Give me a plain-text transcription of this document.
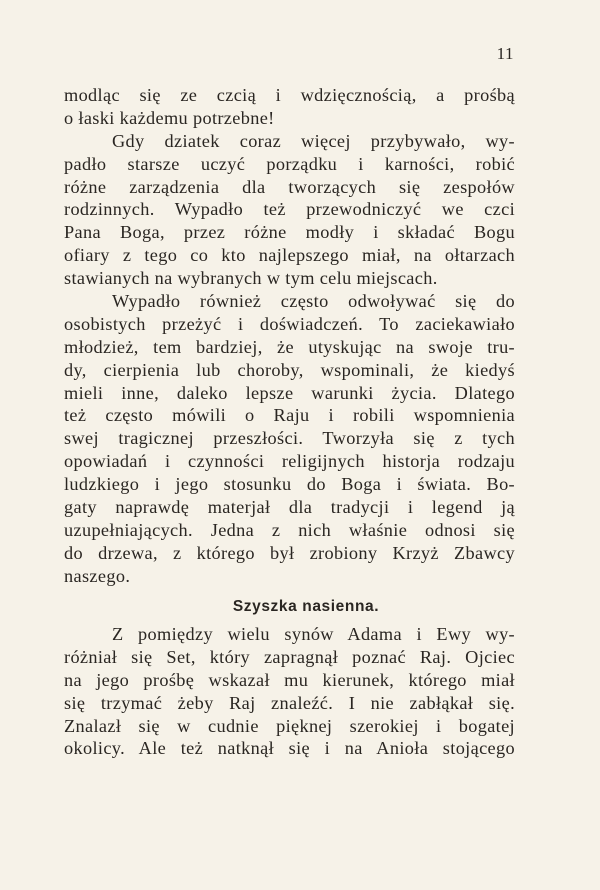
11
modląc się ze czcią i wdzięcznością, a prośbą
o łaski każdemu potrzebne!
Gdy dziatek coraz więcej przybywało, wy-
padło starsze uczyć porządku i karności, robić
różne zarządzenia dla tworzących się zespołów
rodzinnych. Wypadło też przewodniczyć we czci
Pana Boga, przez różne modły i składać Bogu
ofiary z tego co kto najlepszego miał, na ołtarzach
stawianych na wybranych w tym celu miejscach.
Wypadło również często odwoływać się do
osobistych przeżyć i doświadczeń. To zaciekawiało
młodzież, tem bardziej, że utyskując na swoje tru-
dy, cierpienia lub choroby, wspominali, że kiedyś
mieli inne, daleko lepsze warunki życia. Dlatego
też często mówili o Raju i robili wspomnienia
swej tragicznej przeszłości. Tworzyła się z tych
opowiadań i czynności religijnych historja rodzaju
ludzkiego i jego stosunku do Boga i świata. Bo-
gaty naprawdę materjał dla tradycji i legend ją
uzupełniających. Jedna z nich właśnie odnosi się
do drzewa, z którego był zrobiony Krzyż Zbawcy
naszego.
Szyszka nasienna.
Z pomiędzy wielu synów Adama i Ewy wy-
różniał się Set, który zapragnął poznać Raj. Ojciec
na jego prośbę wskazał mu kierunek, którego miał
się trzymać żeby Raj znaleźć. I nie zabłąkał się.
Znalazł się w cudnie pięknej szerokiej i bogatej
okolicy. Ale też natknął się i na Anioła stojącego
